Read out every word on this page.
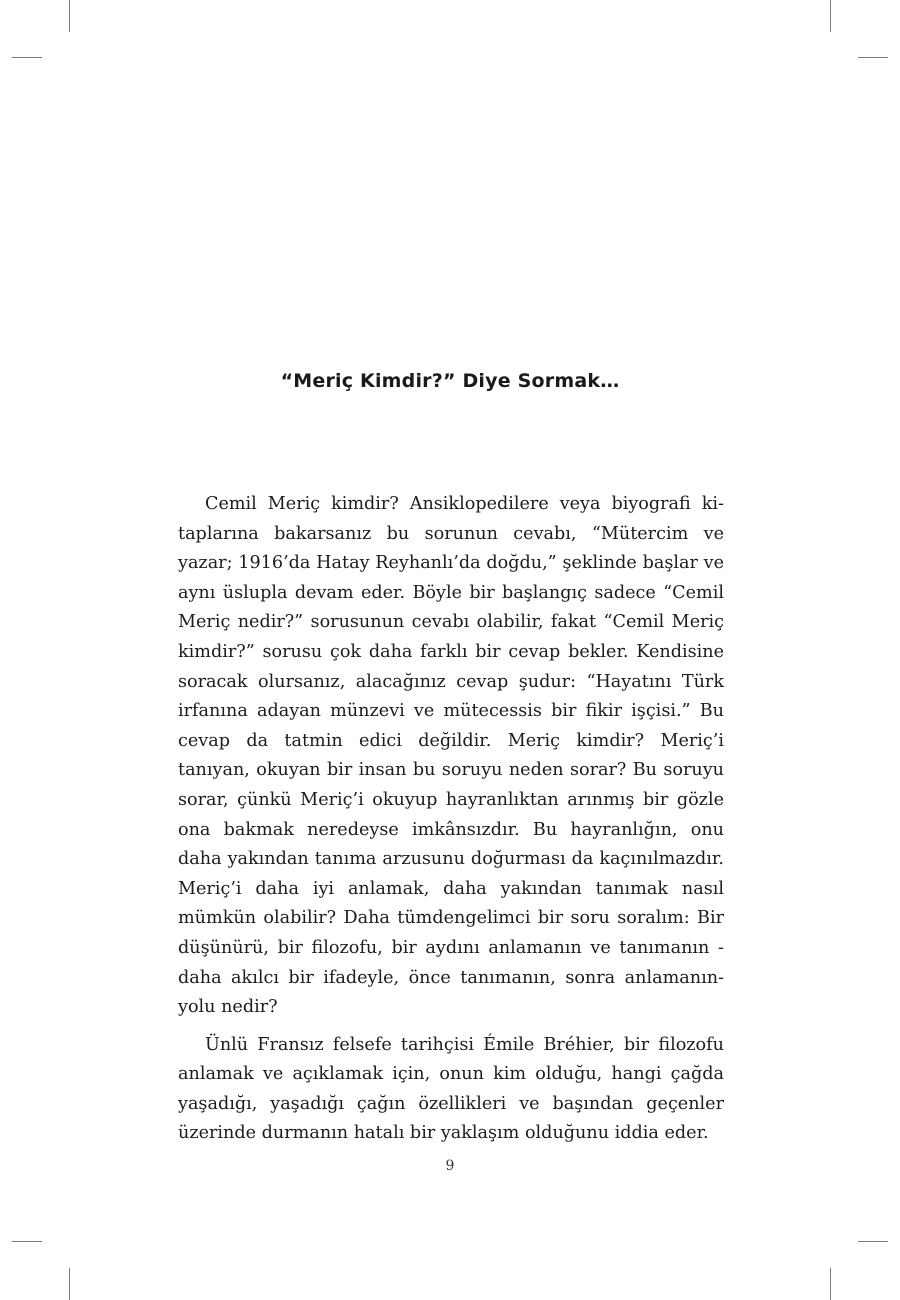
“Meriç Kimdir?” Diye Sormak…

Cemil Meriç kimdir? Ansiklopedilere veya biyografi kitaplarına bakarsanız bu sorunun cevabı, “Mütercim ve yazar; 1916’da Hatay Reyhanlı’da doğdu,” şeklinde başlar ve aynı üslupla devam eder. Böyle bir başlangıç sadece “Cemil Meriç nedir?” sorusunun cevabı olabilir, fakat “Cemil Meriç kimdir?” sorusu çok daha farklı bir cevap bekler. Kendisine soracak olursanız, alacağınız cevap şudur: “Hayatını Türk irfanına adayan münzevi ve mütecessis bir fikir işçisi.” Bu cevap da tatmin edici değildir. Meriç kimdir? Meriç’i tanıyan, okuyan bir insan bu soruyu neden sorar? Bu soruyu sorar, çünkü Meriç’i okuyup hayranlıktan arınmış bir gözle ona bakmak neredeyse imkânsızdır. Bu hayranlığın, onu daha yakından tanıma arzusunu doğurması da kaçınılmazdır. Meriç’i daha iyi anlamak, daha yakından tanımak nasıl mümkün olabilir? Daha tümdengelimci bir soru soralım: Bir düşünürü, bir filozofu, bir aydını anlamanın ve tanımanın -daha akılcı bir ifadeyle, önce tanımanın, sonra anlamanın- yolu nedir?

Ünlü Fransız felsefe tarihçisi Émile Bréhier, bir filozofu anlamak ve açıklamak için, onun kim olduğu, hangi çağda yaşadığı, yaşadığı çağın özellikleri ve başından geçenler üzerinde durmanın hatalı bir yaklaşım olduğunu iddia eder.

9
